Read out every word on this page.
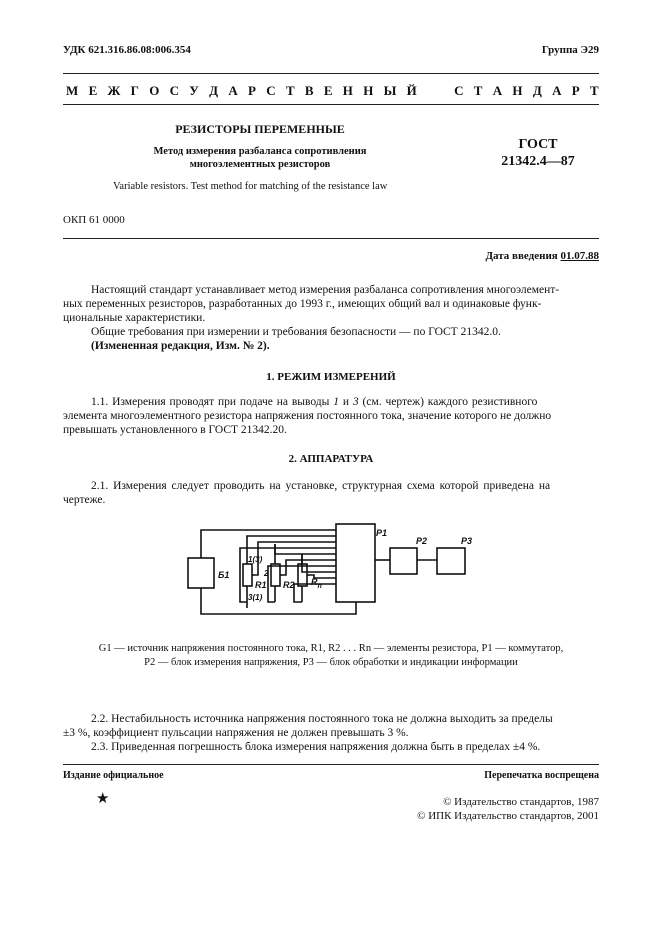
УДК 621.316.86.08:006.354	Группа Э29
М Е Ж Г О С У Д А Р С Т В Е Н Н Ы Й

	С Т А Н Д А Р Т
РЕЗИСТОРЫ ПЕРЕМЕННЫЕ
Метод измерения разбаланса сопротивления
многоэлементных резисторов
ГОСТ
21342.4—87
Variable resistors. Test method for matching of the resistance law
ОКП 61 0000
Дата введения 01.07.88
Настоящий стандарт устанавливает метод измерения разбаланса сопротивления многоэлемент-
ных переменных резисторов, разработанных до 1993 г., имеющих общий вал и одинаковые функ-
циональные характеристики.
Общие требования при измерении и требования безопасности — по ГОСТ 21342.0.
(Измененная редакция, Изм. № 2).
1. РЕЖИМ ИЗМЕРЕНИЙ
1.1. Измерения проводят при подаче на выводы 1 и 3 (см. чертеж) каждого резистивного
элемента многоэлементного резистора напряжения постоянного тока, значение которого не должно
превышать установленного в ГОСТ 21342.20.
2. АППАРАТУРА
2.1. Измерения следует проводить на установке, структурная схема которой приведена на
чертеже.
Б1
P1
P2	P3
R1 R2 $R_n$
1(3)
2
3(1)
G1 — источник напряжения постоянного тока, R1, R2 . . . Rn — элементы резистора, P1 — коммутатор,
P2 — блок измерения напряжения, P3 — блок обработки и индикации информации
2.2. Нестабильность источника напряжения постоянного тока не должна выходить за пределы
±3 %, коэффициент пульсации напряжения не должен превышать 3 %.
2.3. Приведенная погрешность блока измерения напряжения должна быть в пределах ±4 %.
Издание официальное	Перепечатка воспрещена
★	© Издательство стандартов, 1987
© ИПК Издательство стандартов, 2001
